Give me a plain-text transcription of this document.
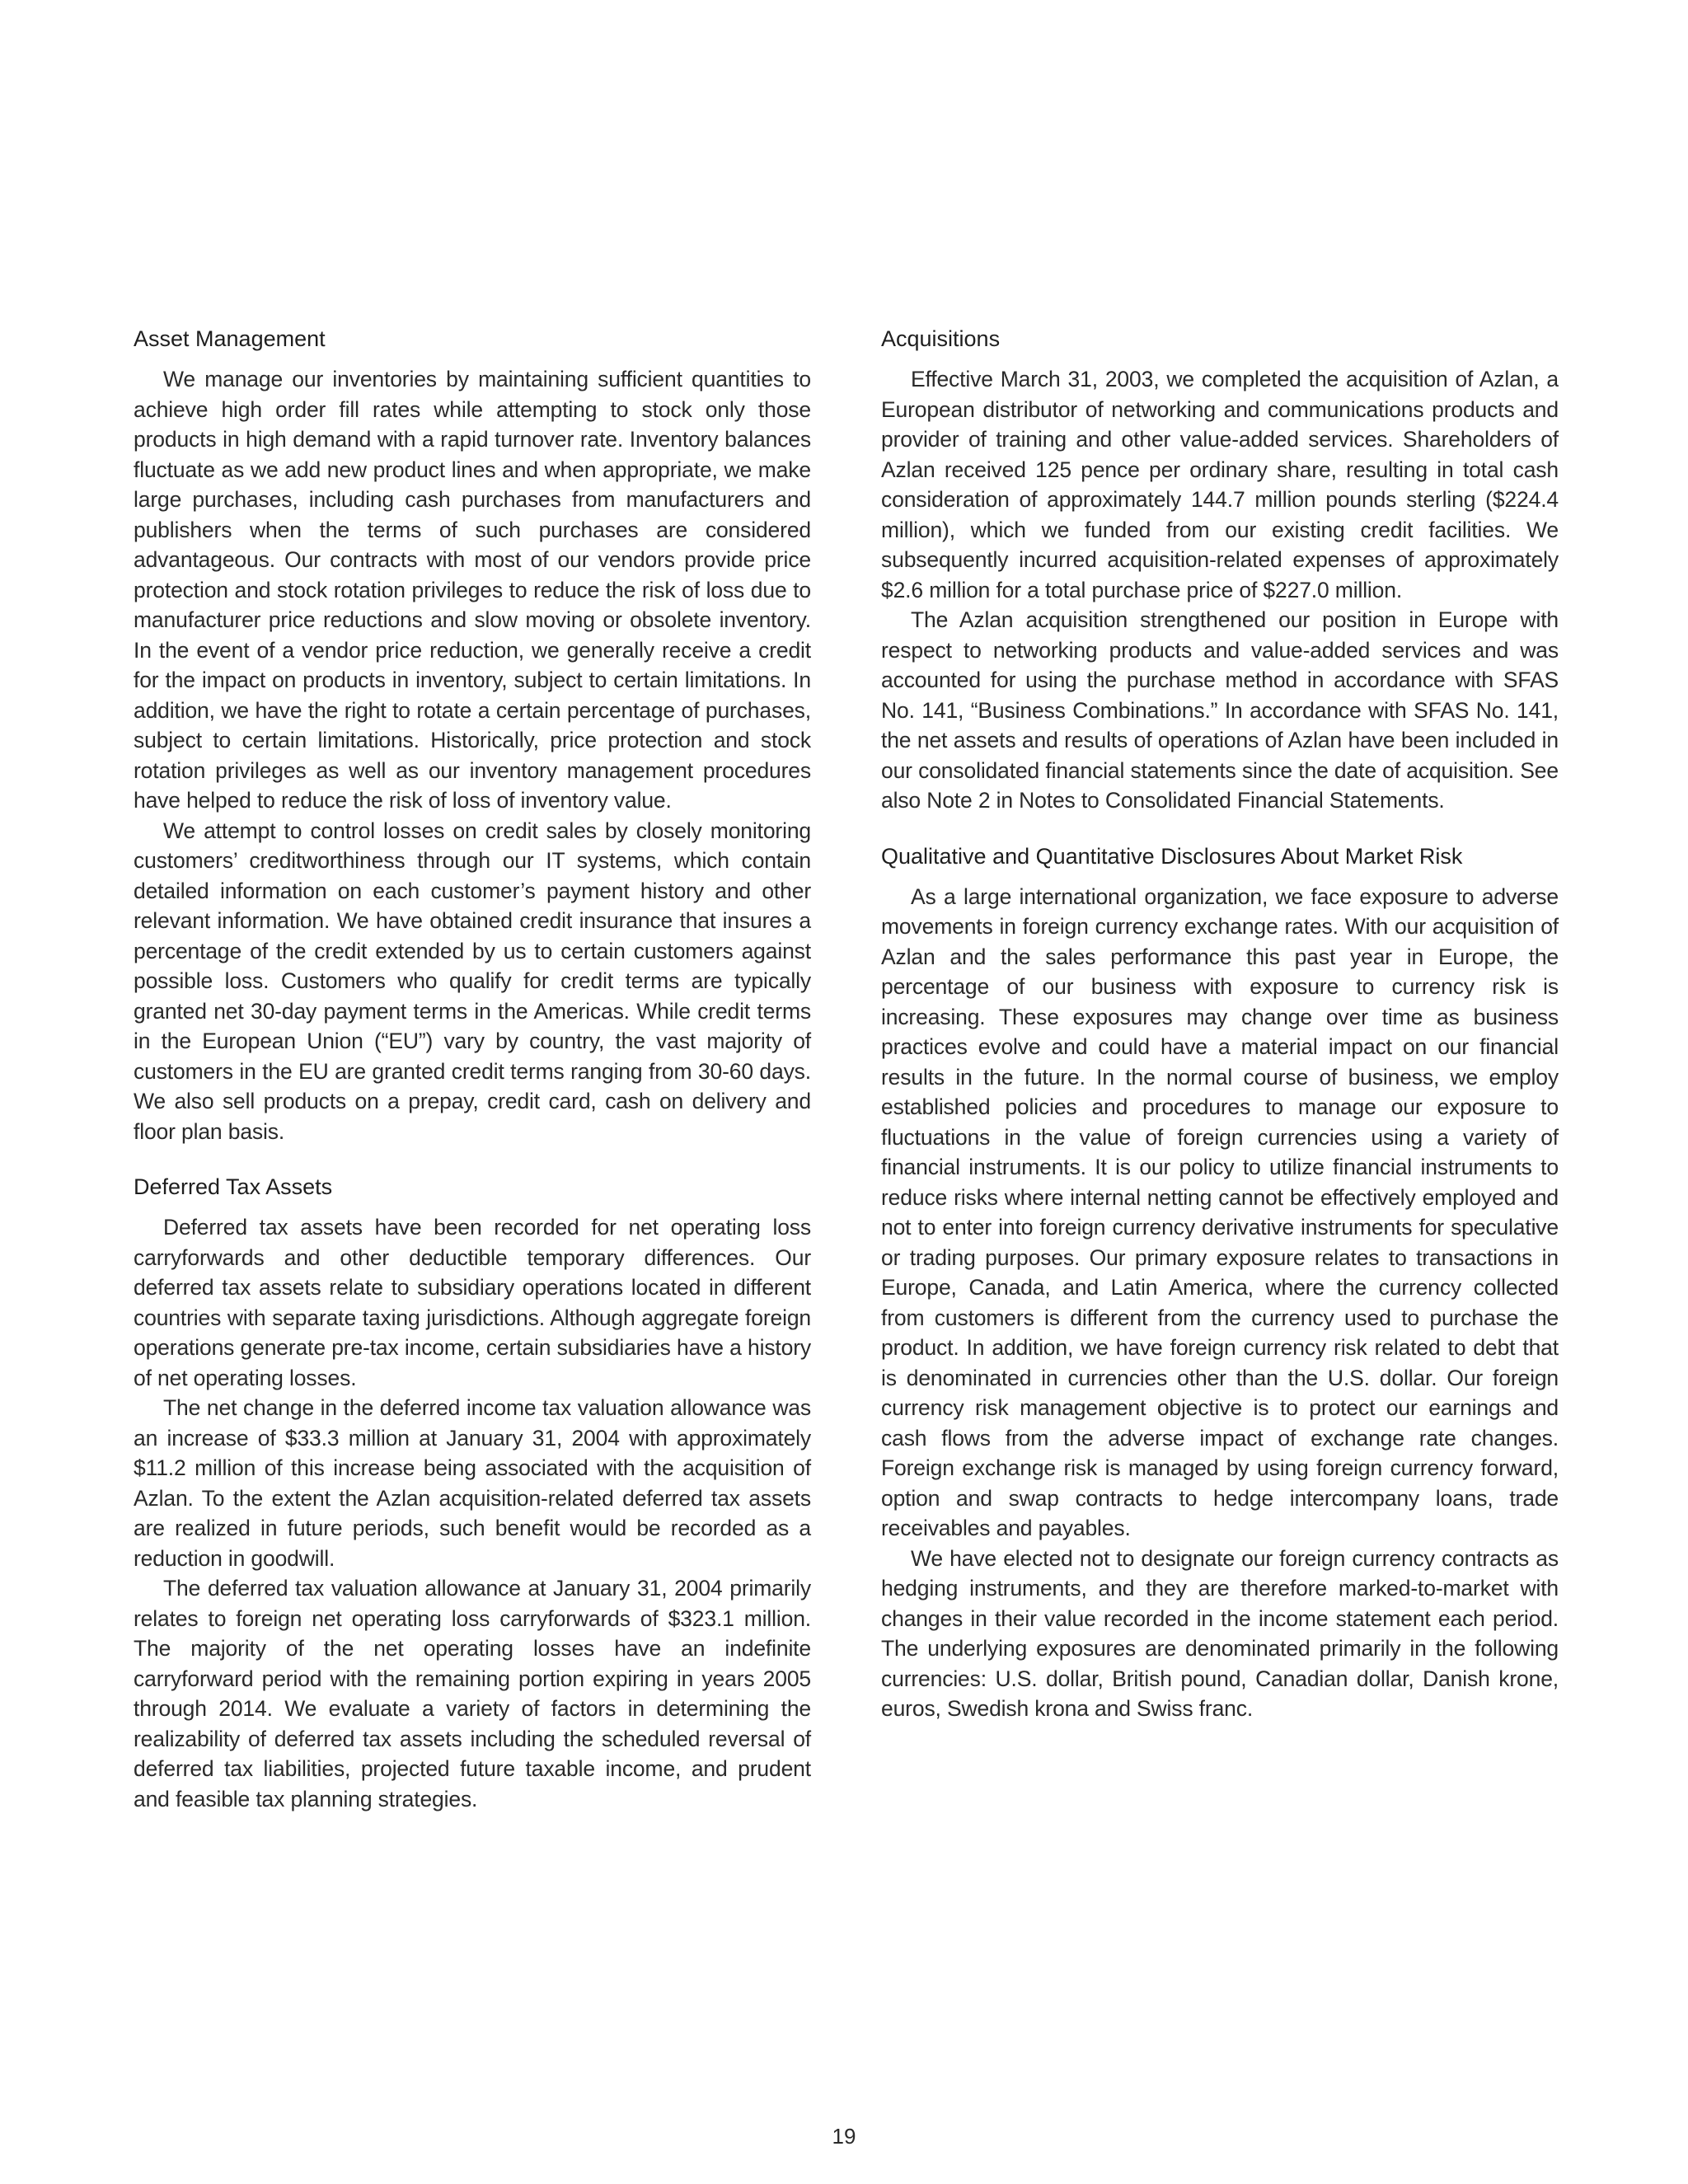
Asset Management

We manage our inventories by maintaining sufficient quantities to achieve high order fill rates while attempting to stock only those products in high demand with a rapid turnover rate. Inventory balances fluctuate as we add new product lines and when appropriate, we make large purchases, including cash purchases from manufacturers and publishers when the terms of such purchases are considered advantageous. Our contracts with most of our vendors provide price protection and stock rotation privileges to reduce the risk of loss due to manufacturer price reductions and slow moving or obsolete inventory. In the event of a vendor price reduction, we generally receive a credit for the impact on products in inventory, subject to certain limitations. In addition, we have the right to rotate a certain percentage of purchases, subject to certain limitations. Historically, price protection and stock rotation privileges as well as our inventory management procedures have helped to reduce the risk of loss of inventory value.

We attempt to control losses on credit sales by closely monitoring customers’ creditworthiness through our IT systems, which contain detailed information on each customer’s payment history and other relevant information. We have obtained credit insurance that insures a percentage of the credit extended by us to certain customers against possible loss. Customers who qualify for credit terms are typically granted net 30-day payment terms in the Americas. While credit terms in the European Union (“EU”) vary by country, the vast majority of customers in the EU are granted credit terms ranging from 30-60 days. We also sell products on a prepay, credit card, cash on delivery and floor plan basis.

Deferred Tax Assets

Deferred tax assets have been recorded for net operating loss carryforwards and other deductible temporary differences. Our deferred tax assets relate to subsidiary operations located in different countries with separate taxing jurisdictions. Although aggregate foreign operations generate pre-tax income, certain subsidiaries have a history of net operating losses.

The net change in the deferred income tax valuation allowance was an increase of $33.3 million at January 31, 2004 with approximately $11.2 million of this increase being associated with the acquisition of Azlan. To the extent the Azlan acquisition-related deferred tax assets are realized in future periods, such benefit would be recorded as a reduction in goodwill.

The deferred tax valuation allowance at January 31, 2004 primarily relates to foreign net operating loss carryforwards of $323.1 million. The majority of the net operating losses have an indefinite carryforward period with the remaining portion expiring in years 2005 through 2014. We evaluate a variety of factors in determining the realizability of deferred tax assets including the scheduled reversal of deferred tax liabilities, projected future taxable income, and prudent and feasible tax planning strategies.

Acquisitions

Effective March 31, 2003, we completed the acquisition of Azlan, a European distributor of networking and communications products and provider of training and other value-added services. Shareholders of Azlan received 125 pence per ordinary share, resulting in total cash consideration of approximately 144.7 million pounds sterling ($224.4 million), which we funded from our existing credit facilities. We subsequently incurred acquisition-related expenses of approximately $2.6 million for a total purchase price of $227.0 million.

The Azlan acquisition strengthened our position in Europe with respect to networking products and value-added services and was accounted for using the purchase method in accordance with SFAS No. 141, “Business Combinations.” In accordance with SFAS No. 141, the net assets and results of operations of Azlan have been included in our consolidated financial statements since the date of acquisition. See also Note 2 in Notes to Consolidated Financial Statements.

Qualitative and Quantitative Disclosures About Market Risk

As a large international organization, we face exposure to adverse movements in foreign currency exchange rates. With our acquisition of Azlan and the sales performance this past year in Europe, the percentage of our business with exposure to currency risk is increasing. These exposures may change over time as business practices evolve and could have a material impact on our financial results in the future. In the normal course of business, we employ established policies and procedures to manage our exposure to fluctuations in the value of foreign currencies using a variety of financial instruments. It is our policy to utilize financial instruments to reduce risks where internal netting cannot be effectively employed and not to enter into foreign currency derivative instruments for speculative or trading purposes. Our primary exposure relates to transactions in Europe, Canada, and Latin America, where the currency collected from customers is different from the currency used to purchase the product. In addition, we have foreign currency risk related to debt that is denominated in currencies other than the U.S. dollar. Our foreign currency risk management objective is to protect our earnings and cash flows from the adverse impact of exchange rate changes. Foreign exchange risk is managed by using foreign currency forward, option and swap contracts to hedge intercompany loans, trade receivables and payables.

We have elected not to designate our foreign currency contracts as hedging instruments, and they are therefore marked-to-market with changes in their value recorded in the income statement each period. The underlying exposures are denominated primarily in the following currencies: U.S. dollar, British pound, Canadian dollar, Danish krone, euros, Swedish krona and Swiss franc.

19
